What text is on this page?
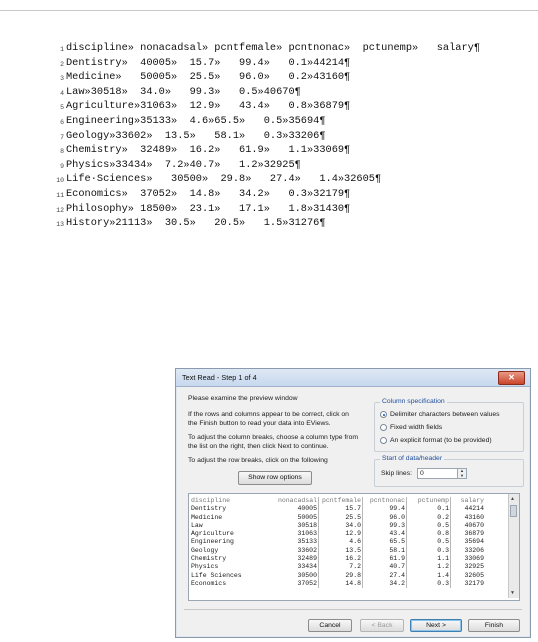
1 discipline» nonacadsal» pcntfemale» pcntnonac»  pctunemp»   salary¶
2 Dentistry»  40005»  15.7»   99.4»   0.1»44214¶
3 Medicine»   50005»  25.5»   96.0»   0.2»43160¶
4 Law»30518»  34.0»   99.3»   0.5»40670¶
5 Agriculture»31063»  12.9»   43.4»   0.8»36879¶
6 Engineering»35133»  4.6»65.5»   0.5»35694¶
7 Geology»33602»  13.5»   58.1»   0.3»33206¶
8 Chemistry»  32489»  16.2»   61.9»   1.1»33069¶
9 Physics»33434»  7.2»40.7»   1.2»32925¶
10 Life·Sciences»   30500»  29.8»   27.4»   1.4»32605¶
11 Economics»  37052»  14.8»   34.2»   0.3»32179¶
12 Philosophy» 18500»  23.1»   17.1»   1.8»31430¶
13 History»21113»  30.5»   20.5»   1.5»31276¶
Text Read - Step 1 of 4	✕
Please examine the preview window
If the rows and columns appear to be correct, click on
the Finish button to read your data into EViews.
To adjust the column breaks, choose a column type from
the list on the right, then click Next to continue.
To adjust the row breaks, click on the following
Show row options
Column specification
Delimiter characters between values
Fixed width fields
An explicit format (to be provided)
Start of data/header
Skip lines: 0	▲
▼
discipline	nonacadsal pcntfemale	pcntnonac	pctunemp	salary
Dentistry	40005	15.7	99.4	0.1	44214
Medicine	50005	25.5	96.0	0.2	43160
Law	30518	34.0	99.3	0.5	40670
Agriculture	31063	12.9	43.4	0.8	36879
Engineering	35133	4.6	65.5	0.5	35694
Geology	33602	13.5	58.1	0.3	33206
Chemistry	32489	16.2	61.9	1.1	33069
Physics	33434	7.2	40.7	1.2	32925
Life Sciences	30500	29.8	27.4	1.4	32605
Economics	37052	14.8	34.2	0.3	32179
▲
▼
Cancel	< Back	Next >	Finish
